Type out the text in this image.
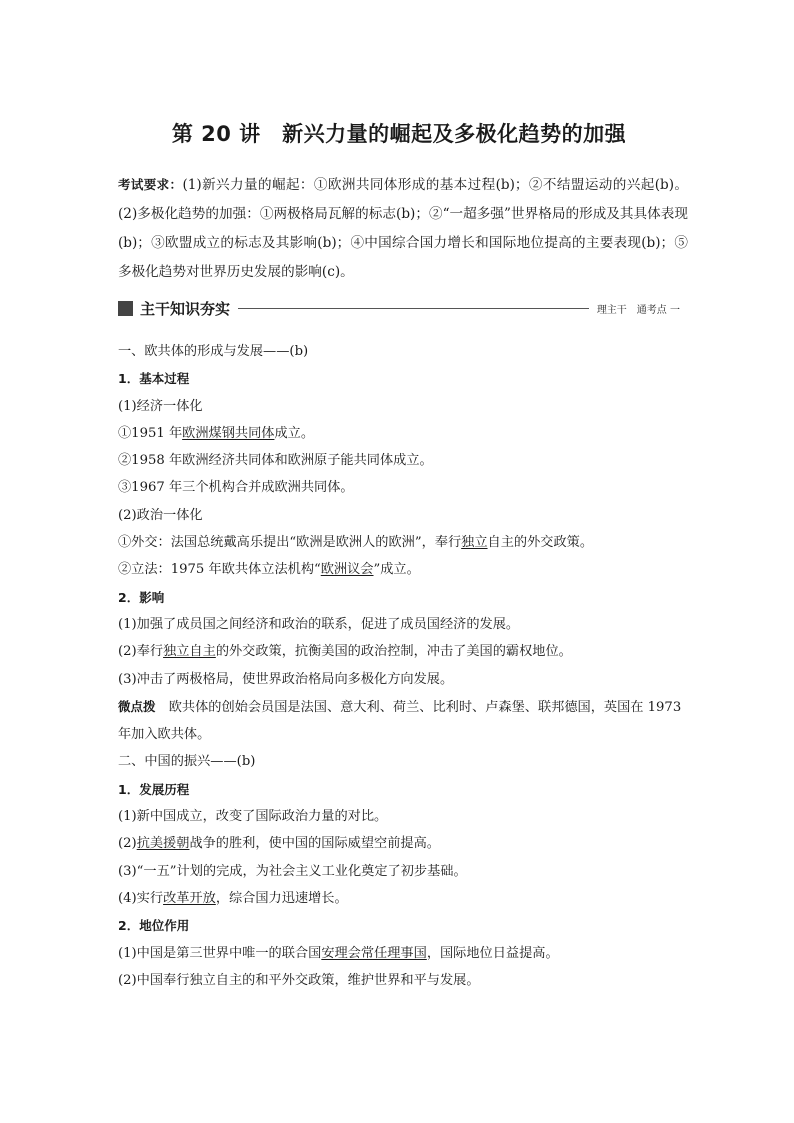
第 20 讲　新兴力量的崛起及多极化趋势的加强
考试要求：(1)新兴力量的崛起：①欧洲共同体形成的基本过程(b)；②不结盟运动的兴起(b)。(2)多极化趋势的加强：①两极格局瓦解的标志(b)；②“一超多强”世界格局的形成及其具体表现(b)；③欧盟成立的标志及其影响(b)；④中国综合国力增长和国际地位提高的主要表现(b)；⑤多极化趋势对世界历史发展的影响(c)。
主干知识夯实	理主干　通考点 一
一、欧共体的形成与发展——(b)
1．基本过程
(1)经济一体化
①1951 年欧洲煤钢共同体成立。
②1958 年欧洲经济共同体和欧洲原子能共同体成立。
③1967 年三个机构合并成欧洲共同体。
(2)政治一体化
①外交：法国总统戴高乐提出“欧洲是欧洲人的欧洲”，奉行独立自主的外交政策。
②立法：1975 年欧共体立法机构“欧洲议会”成立。
2．影响
(1)加强了成员国之间经济和政治的联系，促进了成员国经济的发展。
(2)奉行独立自主的外交政策，抗衡美国的政治控制，冲击了美国的霸权地位。
(3)冲击了两极格局，使世界政治格局向多极化方向发展。
微点拨　欧共体的创始会员国是法国、意大利、荷兰、比利时、卢森堡、联邦德国，英国在 1973 年加入欧共体。
二、中国的振兴——(b)
1．发展历程
(1)新中国成立，改变了国际政治力量的对比。
(2)抗美援朝战争的胜利，使中国的国际威望空前提高。
(3)“一五”计划的完成，为社会主义工业化奠定了初步基础。
(4)实行改革开放，综合国力迅速增长。
2．地位作用
(1)中国是第三世界中唯一的联合国安理会常任理事国，国际地位日益提高。
(2)中国奉行独立自主的和平外交政策，维护世界和平与发展。
